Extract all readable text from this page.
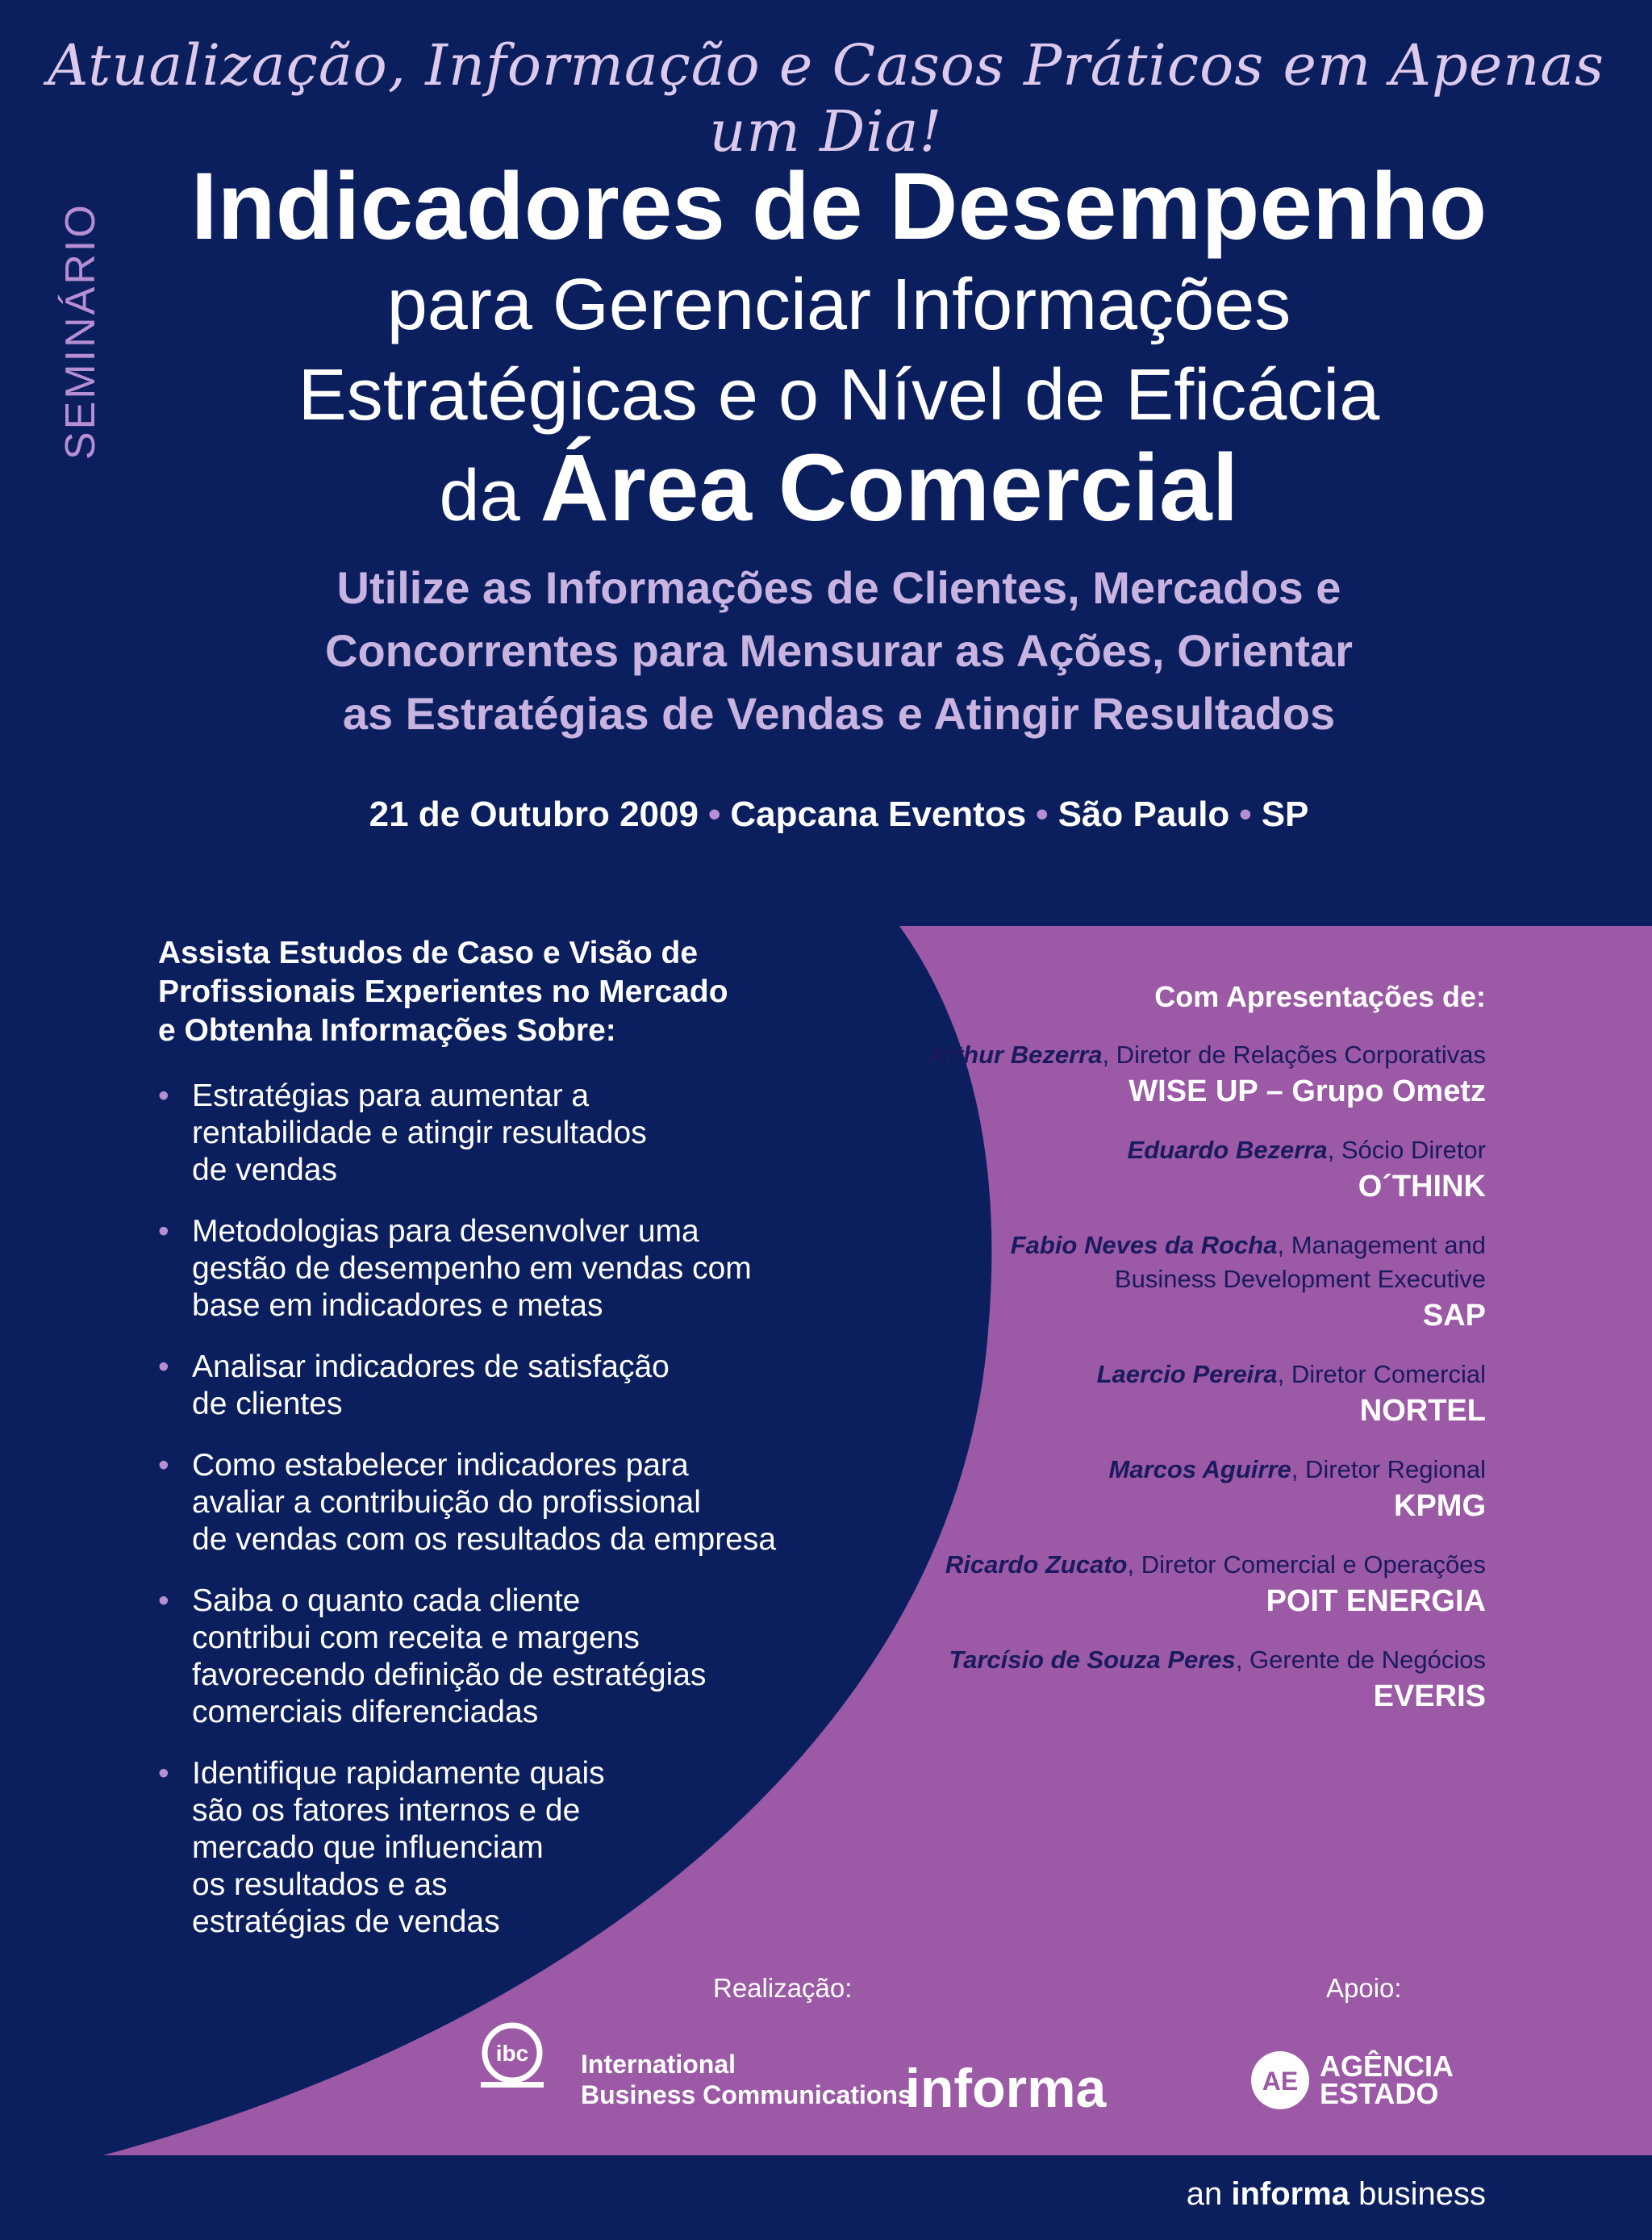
Atualização, Informação e Casos Práticos em Apenas um Dia!
SEMINÁRIO Indicadores de Desempenho
para Gerenciar Informações
Estratégicas e o Nível de Eficácia
da Área Comercial
Utilize as Informações de Clientes, Mercados e
Concorrentes para Mensurar as Ações, Orientar
as Estratégias de Vendas e Atingir Resultados
21 de Outubro 2009 • Capcana Eventos • São Paulo • SP
Assista Estudos de Caso e Visão de
Profissionais Experientes no Mercado
e Obtenha Informações Sobre:
• Estratégias para aumentar a
rentabilidade e atingir resultados
de vendas
• Metodologias para desenvolver uma
gestão de desempenho em vendas com
base em indicadores e metas
• Analisar indicadores de satisfação
de clientes
• Como estabelecer indicadores para
avaliar a contribuição do profissional
de vendas com os resultados da empresa
• Saiba o quanto cada cliente
contribui com receita e margens
favorecendo definição de estratégias
comerciais diferenciadas
• Identifique rapidamente quais
são os fatores internos e de
mercado que influenciam
os resultados e as
estratégias de vendas
Com Apresentações de:
Arthur Bezerra, Diretor de Relações Corporativas
WISE UP – Grupo Ometz
Eduardo Bezerra, Sócio Diretor
O´THINK
Fabio Neves da Rocha, Management and
Business Development Executive
SAP
Laercio Pereira, Diretor Comercial
NORTEL
Marcos Aguirre, Diretor Regional
KPMG
Ricardo Zucato, Diretor Comercial e Operações
POIT ENERGIA
Tarcísio de Souza Peres, Gerente de Negócios
EVERIS
Realização:	Apoio:
ibc International
Business Communications
informa	AE AGÊNCIA
ESTADO
an informa business
